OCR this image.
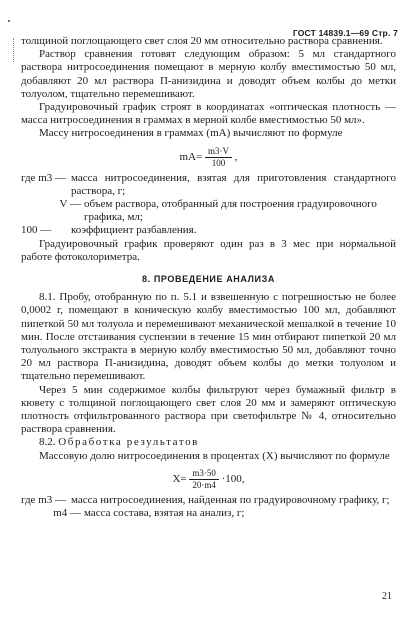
ГОСТ 14839.1—69 Стр. 7

толщиной поглощающего свет слоя 20 мм относительно раствора сравнения.

Раствор сравнения готовят следующим образом: 5 мл стандартного раствора нитросоединения помещают в мерную колбу вместимостью 50 мл, добавляют 20 мл раствора П-анизидина и доводят объем колбы до метки толуолом, тщательно перемешивают.

Градуировочный график строят в координатах «оптическая плотность — масса нитросоединения в граммах в мерной колбе вместимостью 50 мл».

Массу нитросоединения в граммах (mA) вычисляют по формуле

$mA= \frac{m3\cdot V}{100}$ ,
где m3 — масса нитросоединения, взятая для приготовления стандартного раствора, г;
V — объем раствора, отобранный для построения градуировочного графика, мл;
100 —	коэффициент разбавления.

Градуировочный график проверяют один раз в 3 мес при нормальной работе фотоколориметра.

8. ПРОВЕДЕНИЕ АНАЛИЗА

8.1. Пробу, отобранную по п. 5.1 и взвешенную с погрешностью не более 0,0002 г, помещают в коническую колбу вместимостью 100 мл, добавляют пипеткой 50 мл толуола и перемешивают механической мешалкой в течение 10 мин. После отстаивания суспензии в течение 15 мин отбирают пипеткой 20 мл толуольного экстракта в мерную колбу вместимостью 50 мл, добавляют точно 20 мл раствора П-анизидина, доводят объем колбы до метки толуолом и тщательно перемешивают.

Через 5 мин содержимое колбы фильтруют через бумажный фильтр в кювету с толщиной поглощающего свет слоя 20 мм и замеряют оптическую плотность отфильтрованного раствора при светофильтре № 4, относительно раствора сравнения.

8.2. Обработка результатов

Массовую долю нитросоединения в процентах (X) вычисляют по формуле

$X= \frac{m3\cdot 50}{20\cdot m4} \cdot 100$,
где m3 — масса нитросоединения, найденная по градуировочному графику, г;
m4 — масса состава, взятая на анализ, г;
21
